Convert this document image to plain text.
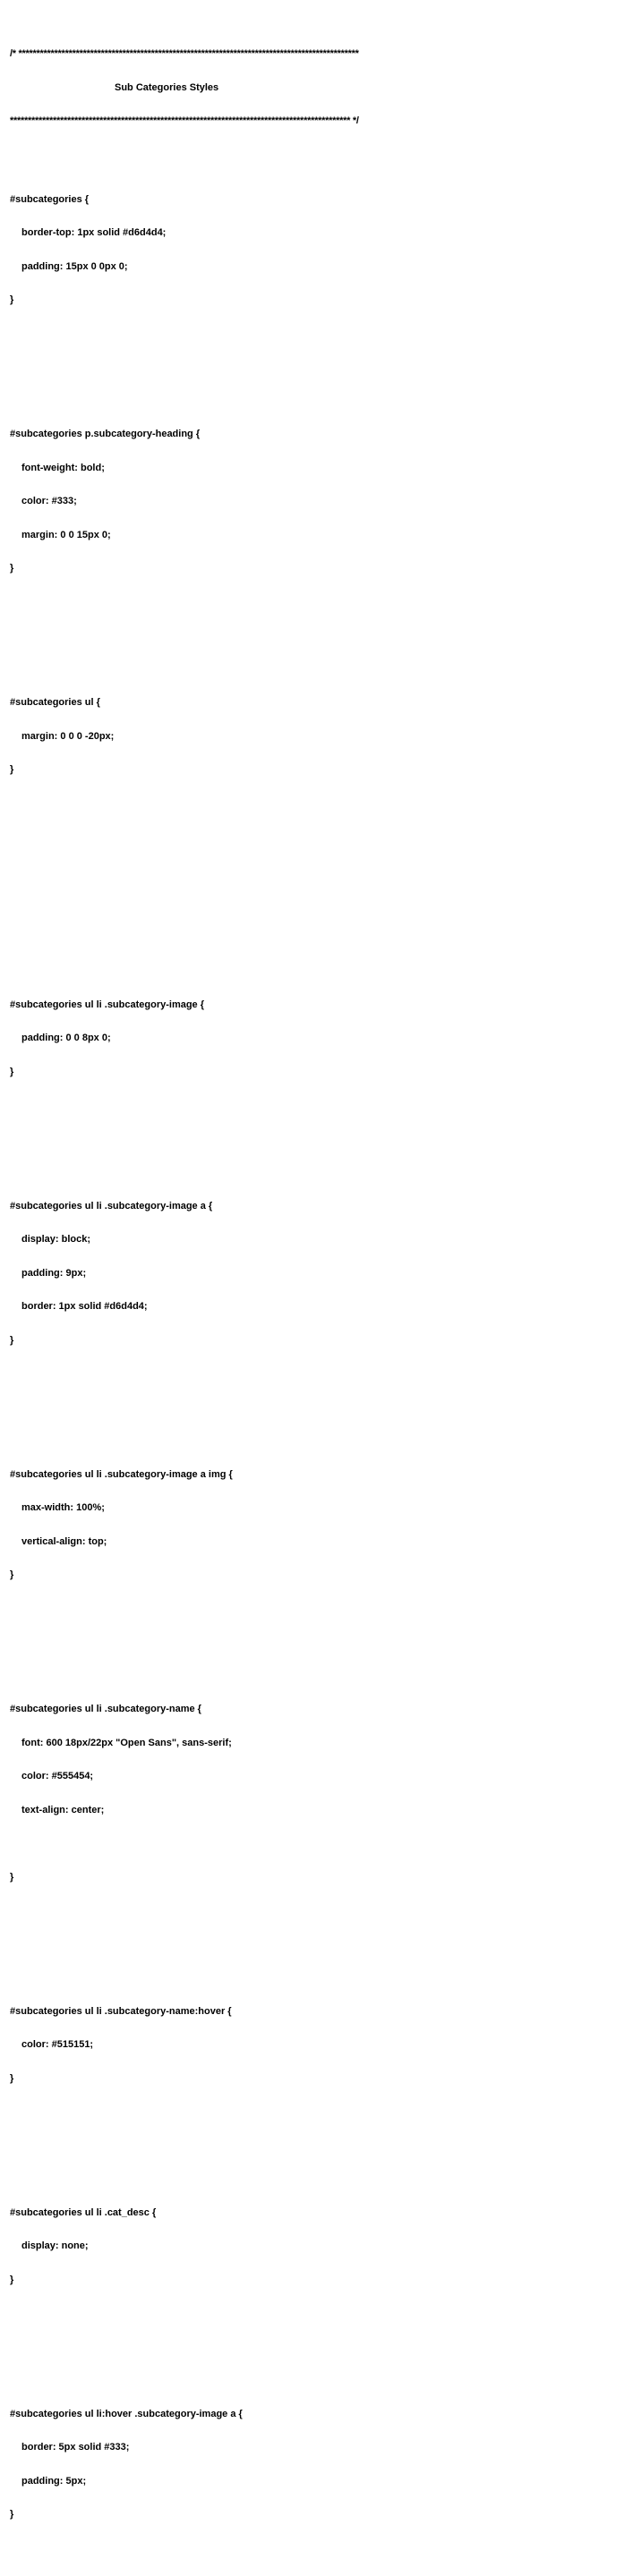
/* ***********************************************************************************************

Sub Categories Styles

*********************************************************************************************** */

#subcategories {

border-top: 1px solid #d6d4d4;

padding: 15px 0 0px 0;

}

#subcategories p.subcategory-heading {

font-weight: bold;

color: #333;

margin: 0 0 15px 0;

}

#subcategories ul {

margin: 0 0 0 -20px;

}

#subcategories ul li .subcategory-image {

padding: 0 0 8px 0;

}

#subcategories ul li .subcategory-image a {

display: block;

padding: 9px;

border: 1px solid #d6d4d4;

}

#subcategories ul li .subcategory-image a img {

max-width: 100%;

vertical-align: top;

}

#subcategories ul li .subcategory-name {

font: 600 18px/22px "Open Sans", sans-serif;

color: #555454;

text-align: center;

}

#subcategories ul li .subcategory-name:hover {

color: #515151;

}

#subcategories ul li .cat_desc {

display: none;

}

#subcategories ul li:hover .subcategory-image a {

border: 5px solid #333;

padding: 5px;

}
